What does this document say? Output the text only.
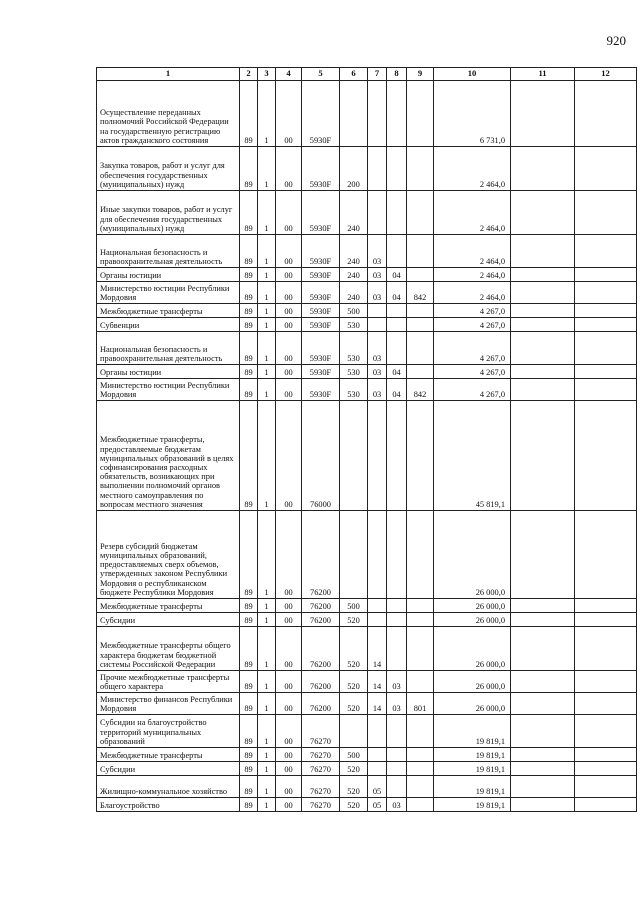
920
1	2	3	4	5	6	7	8	9	10	11	12
Осуществление переданных полномочий Российской Федерации на государственную регистрацию актов гражданского состояния	89	1	00	5930F					6 731,0		
Закупка товаров, работ и услуг для обеспечения государственных (муниципальных) нужд	89	1	00	5930F	200				2 464,0		
Иные закупки товаров, работ и услуг для обеспечения государственных (муниципальных) нужд	89	1	00	5930F	240				2 464,0		
Национальная безопасность и правоохранительная деятельность	89	1	00	5930F	240	03			2 464,0		
Органы юстиции	89	1	00	5930F	240	03	04		2 464,0		
Министерство юстиции Республики Мордовия	89	1	00	5930F	240	03	04	842	2 464,0		
Межбюджетные трансферты	89	1	00	5930F	500				4 267,0		
Субвенции	89	1	00	5930F	530				4 267,0		
Национальная безопасность и правоохранительная деятельность	89	1	00	5930F	530	03			4 267,0		
Органы юстиции	89	1	00	5930F	530	03	04		4 267,0		
Министерство юстиции Республики Мордовия	89	1	00	5930F	530	03	04	842	4 267,0		
Межбюджетные трансферты, предоставляемые бюджетам муниципальных образований в целях софинансирования расходных обязательств, возникающих при выполнении полномочий органов местного самоуправления по вопросам местного значения	89	1	00	76000					45 819,1		
Резерв субсидий бюджетам муниципальных образований, предоставляемых сверх объемов, утвержденных законом Республики Мордовия о республиканском бюджете Республики Мордовия	89	1	00	76200					26 000,0		
Межбюджетные трансферты	89	1	00	76200	500				26 000,0		
Субсидии	89	1	00	76200	520				26 000,0		
Межбюджетные трансферты общего характера бюджетам бюджетной системы Российской Федерации	89	1	00	76200	520	14			26 000,0		
Прочие межбюджетные трансферты общего характера	89	1	00	76200	520	14	03		26 000,0		
Министерство финансов Республики Мордовия	89	1	00	76200	520	14	03	801	26 000,0		
Субсидии на благоустройство территорий муниципальных образований	89	1	00	76270					19 819,1		
Межбюджетные трансферты	89	1	00	76270	500				19 819,1		
Субсидии	89	1	00	76270	520				19 819,1		
Жилищно-коммунальное хозяйство	89	1	00	76270	520	05			19 819,1		
Благоустройство	89	1	00	76270	520	05	03		19 819,1		
